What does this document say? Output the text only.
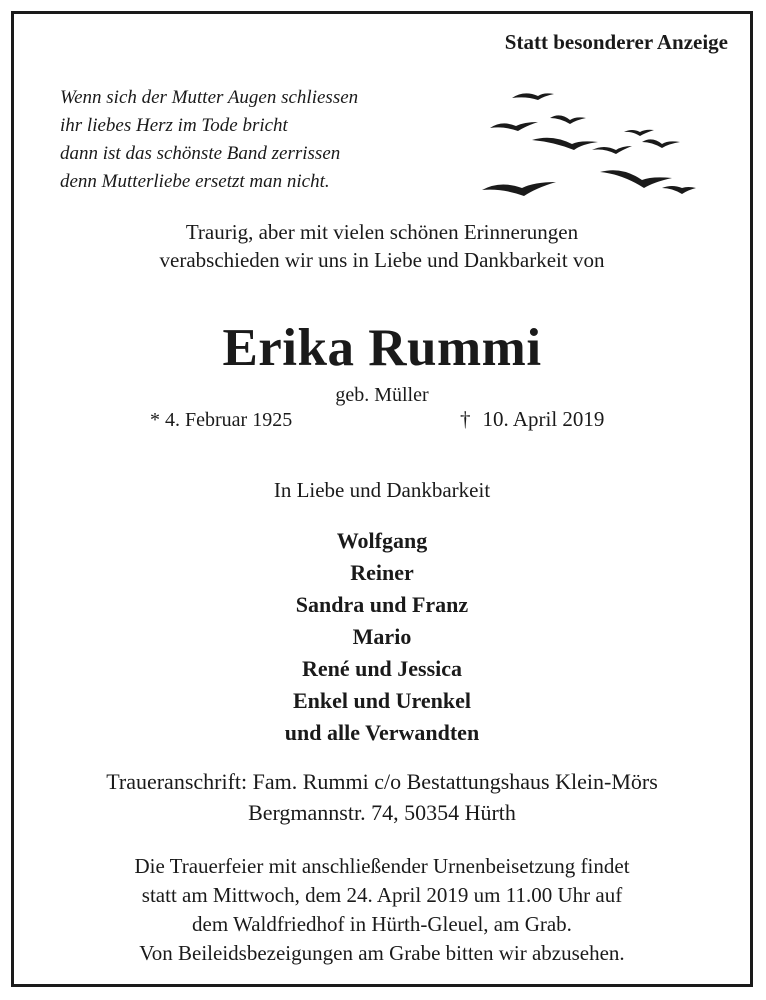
Statt besonderer Anzeige
Wenn sich der Mutter Augen schliessen
ihr liebes Herz im Tode bricht
dann ist das schönste Band zerrissen
denn Mutterliebe ersetzt man nicht.
Traurig, aber mit vielen schönen Erinnerungen
verabschieden wir uns in Liebe und Dankbarkeit von
Erika Rummi
geb. Müller
* 4. Februar 1925	† 10. April 2019
In Liebe und Dankbarkeit
Wolfgang
Reiner
Sandra und Franz
Mario
René und Jessica
Enkel und Urenkel
und alle Verwandten
Traueranschrift: Fam. Rummi c/o Bestattungshaus Klein-Mörs
Bergmannstr. 74, 50354 Hürth
Die Trauerfeier mit anschließender Urnenbeisetzung findet
statt am Mittwoch, dem 24. April 2019 um 11.00 Uhr auf
dem Waldfriedhof in Hürth-Gleuel, am Grab.
Von Beileidsbezeigungen am Grabe bitten wir abzusehen.
